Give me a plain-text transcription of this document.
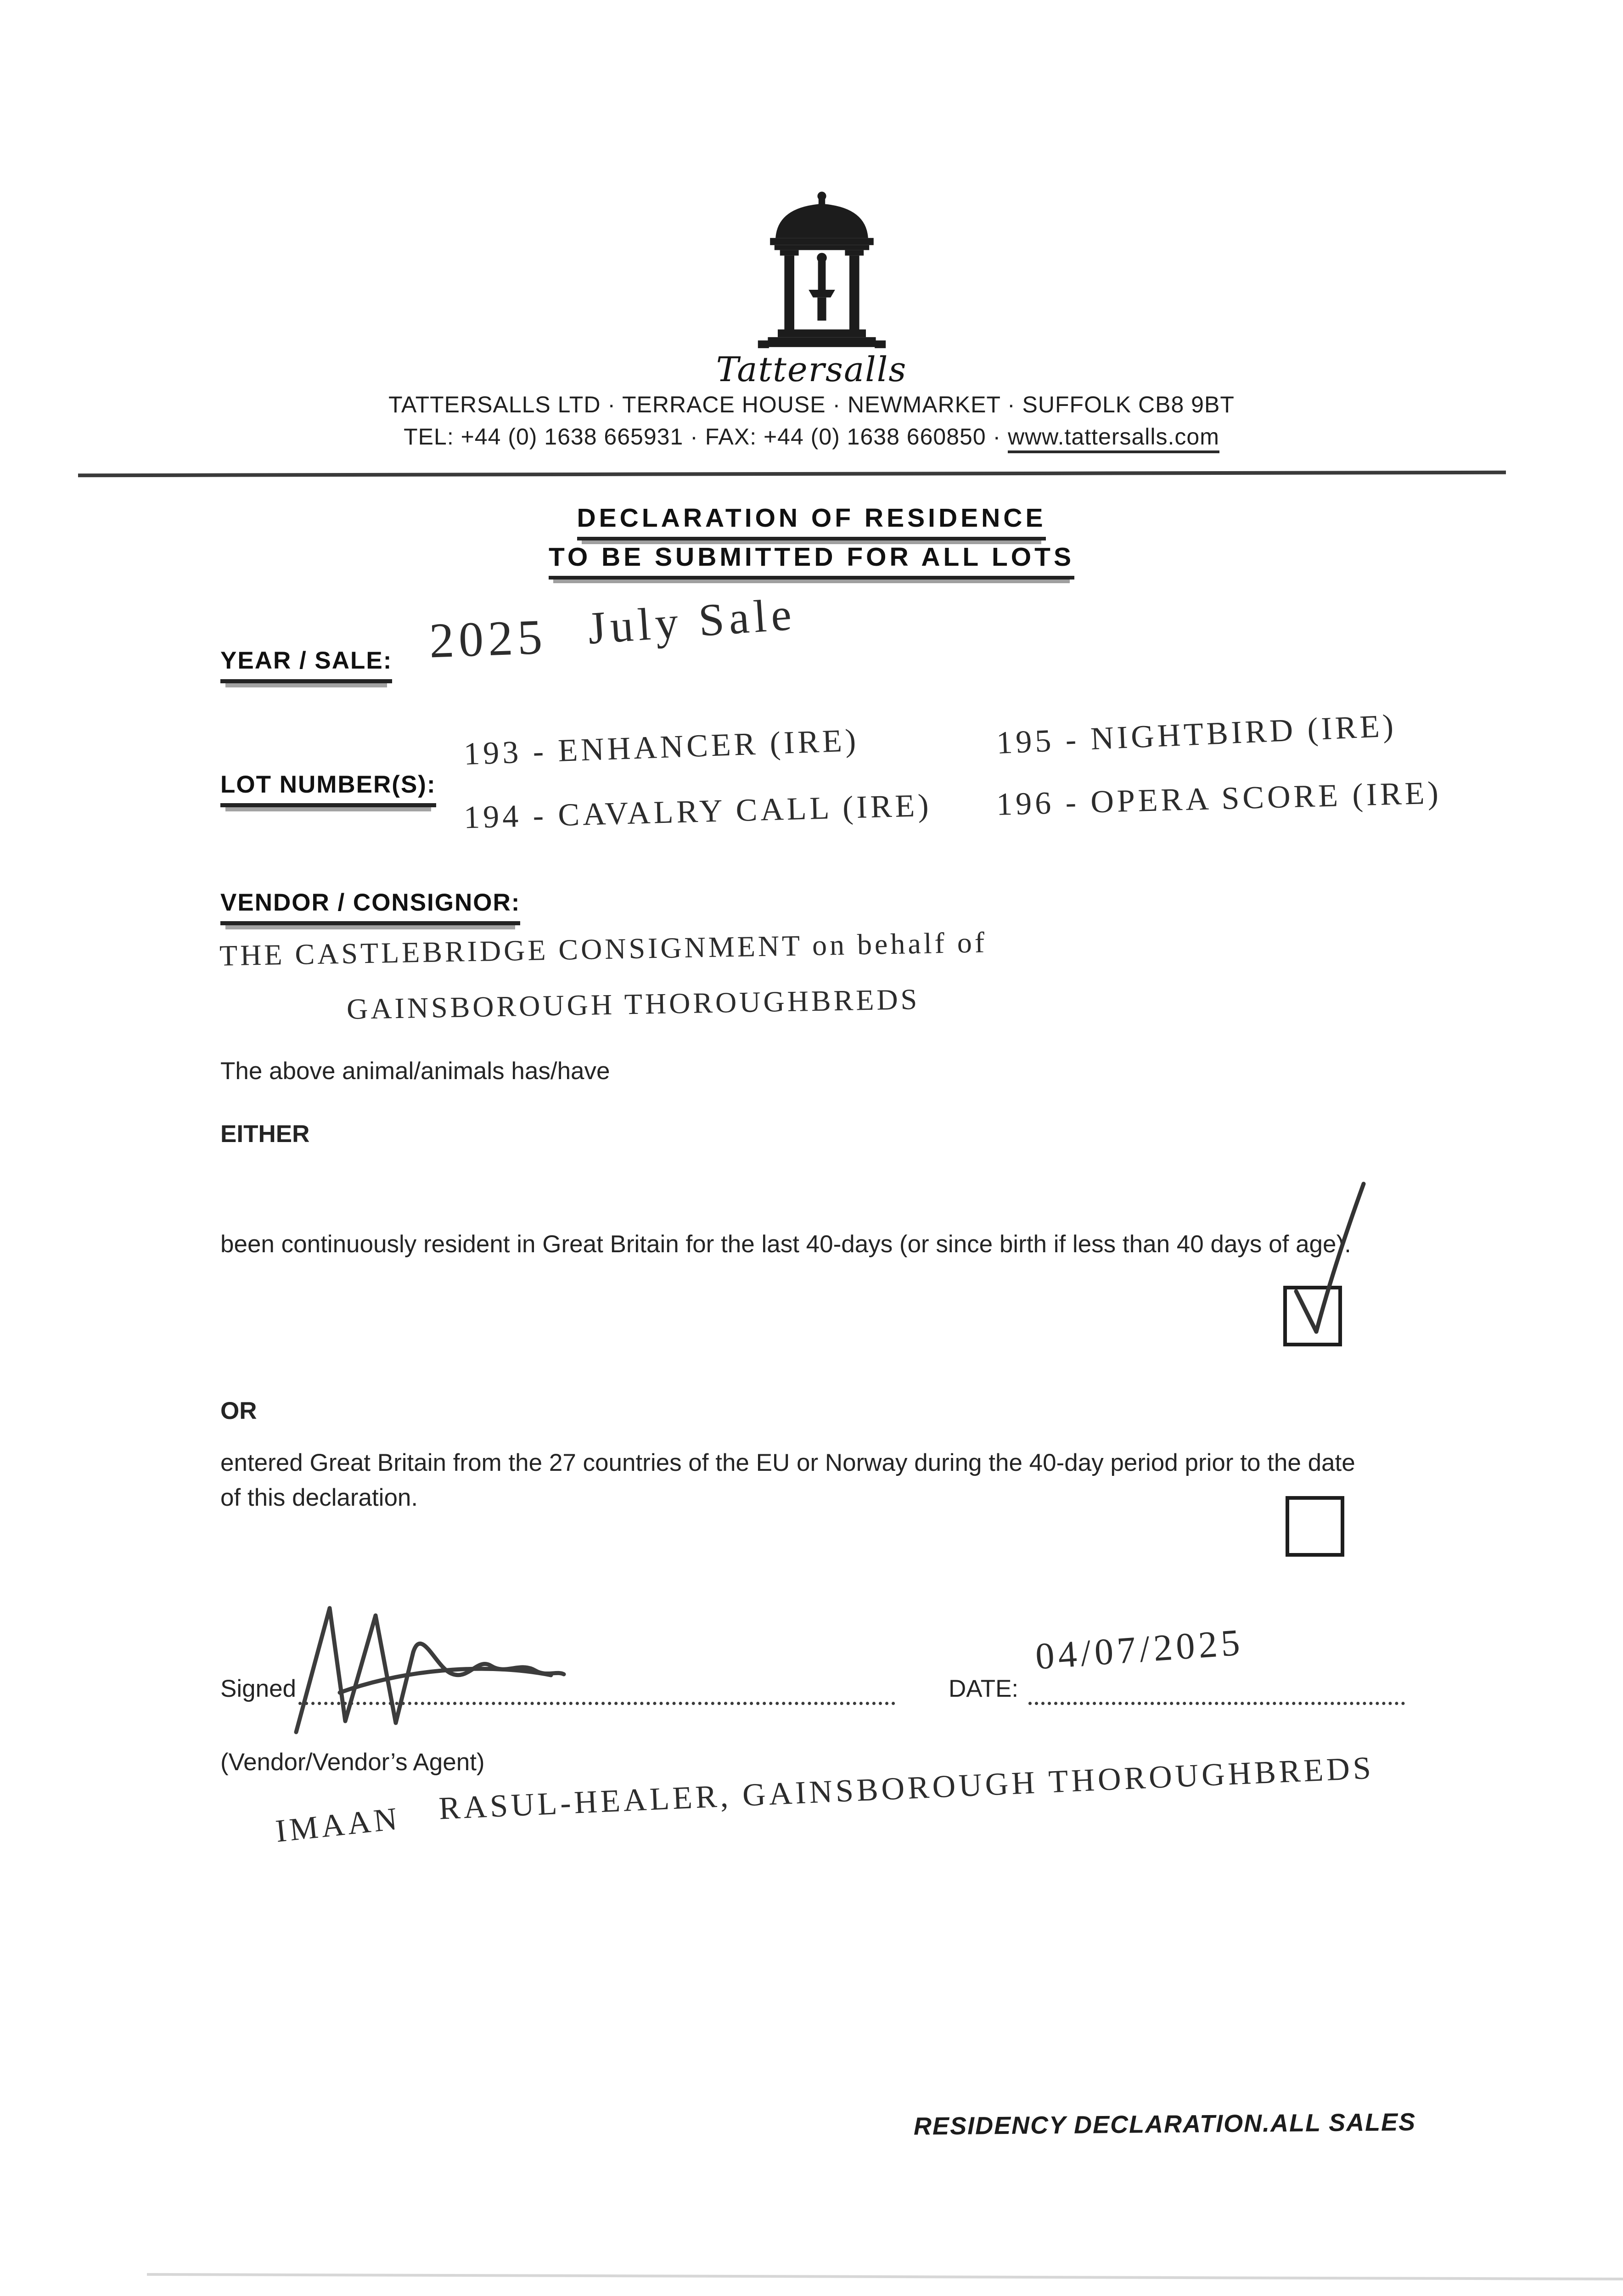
Tattersalls
TATTERSALLS LTD · TERRACE HOUSE · NEWMARKET · SUFFOLK CB8 9BT
TEL: +44 (0) 1638 665931 · FAX: +44 (0) 1638 660850 · www.tattersalls.com
DECLARATION OF RESIDENCE
TO BE SUBMITTED FOR ALL LOTS
YEAR / SALE: 2025 July Sale
LOT NUMBER(S):
193 - ENHANCER (IRE)
194 - CAVALRY CALL (IRE)
195 - NIGHTBIRD (IRE)
196 - OPERA SCORE (IRE)
VENDOR / CONSIGNOR:
THE CASTLEBRIDGE CONSIGNMENT on behalf of
GAINSBOROUGH THOROUGHBREDS
The above animal/animals has/have
EITHER
been continuously resident in Great Britain for the last 40-days (or since birth if less than 40 days of age).
OR
entered Great Britain from the 27 countries of the EU or Norway during the 40-day period prior to the date of this declaration.
Signed	DATE:
04/07/2025
(Vendor/Vendor’s Agent)
IMAAN RASUL-HEALER, GAINSBOROUGH THOROUGHBREDS
RESIDENCY DECLARATION.ALL SALES
